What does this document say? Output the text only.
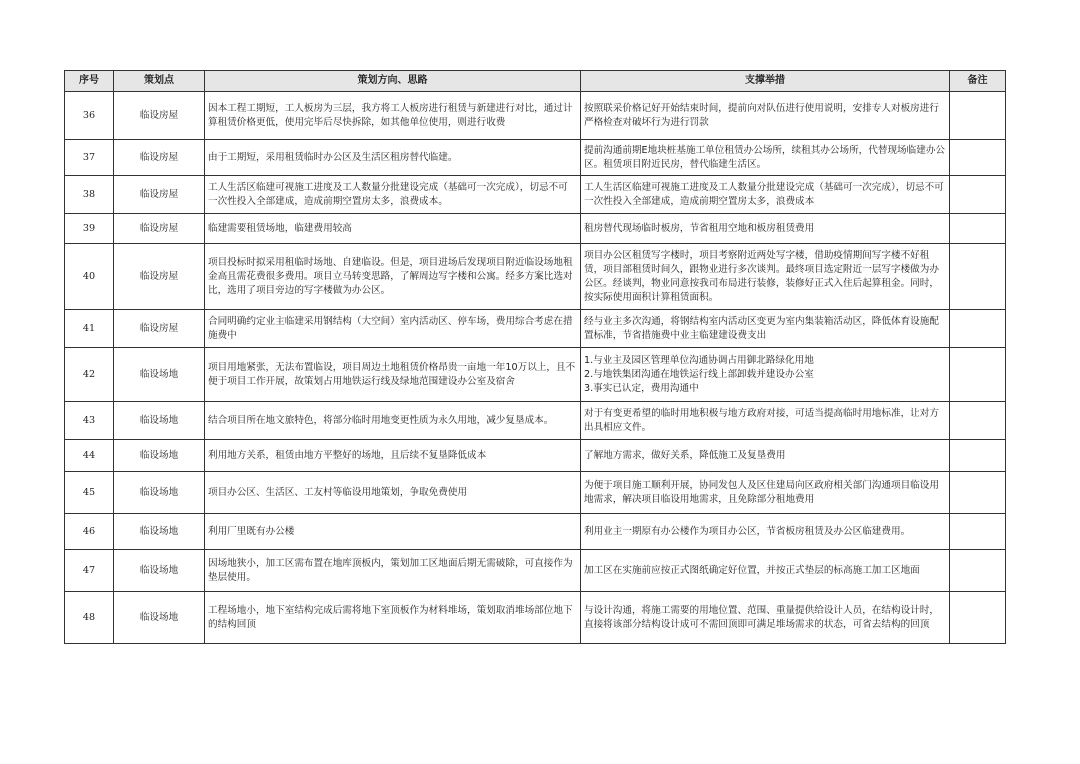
序号	策划点	策划方向、思路	支撑举措	备注
36	临设房屋	因本工程工期短，工人板房为三层，我方将工人板房进行租赁与新建进行对比，通过计算租赁价格更低，使用完毕后尽快拆除，如其他单位使用，则进行收费	按照联采价格记好开始结束时间，提前向对队伍进行使用说明，安排专人对板房进行严格检查对破坏行为进行罚款	
37	临设房屋	由于工期短，采用租赁临时办公区及生活区租房替代临建。	提前沟通前期E地块桩基施工单位租赁办公场所，续租其办公场所，代替现场临建办公区。租赁项目附近民房，替代临建生活区。	
38	临设房屋	工人生活区临建可视施工进度及工人数量分批建设完成（基础可一次完成），切忌不可一次性投入全部建成，造成前期空置房太多，浪费成本。	工人生活区临建可视施工进度及工人数量分批建设完成（基础可一次完成），切忌不可一次性投入全部建成，造成前期空置房太多，浪费成本	
39	临设房屋	临建需要租赁场地，临建费用较高	租房替代现场临时板房，节省租用空地和板房租赁费用	
40	临设房屋	项目投标时拟采用租临时场地、自建临设。但是，项目进场后发现项目附近临设场地租金高且需花费很多费用。项目立马转变思路，了解周边写字楼和公寓。经多方案比选对比，选用了项目旁边的写字楼做为办公区。	项目办公区租赁写字楼时，项目考察附近两处写字楼，借助疫情期间写字楼不好租赁，项目部租赁时间久，跟物业进行多次谈判。最终项目选定附近一层写字楼做为办公区。经谈判，物业同意按我司布局进行装修，装修好正式入住后起算租金。同时，按实际使用面积计算租赁面积。	
41	临设房屋	合同明确约定业主临建采用钢结构（大空间）室内活动区、停车场，费用综合考虑在措施费中	经与业主多次沟通，将钢结构室内活动区变更为室内集装箱活动区，降低体育设施配置标准，节省措施费中业主临建建设费支出	
42	临设场地	项目用地紧张，无法布置临设，项目周边土地租赁价格昂贵一亩地一年10万以上，且不便于项目工作开展，故策划占用地铁运行线及绿地范围建设办公室及宿舍	1.与业主及园区管理单位沟通协调占用御北路绿化用地
2.与地铁集团沟通在地铁运行线上部卸载并建设办公室
3.事实已认定，费用沟通中	
43	临设场地	结合项目所在地文旅特色，将部分临时用地变更性质为永久用地，减少复垦成本。	对于有变更希望的临时用地积极与地方政府对接，可适当提高临时用地标准，让对方出具相应文件。	
44	临设场地	利用地方关系，租赁由地方平整好的场地，且后续不复垦降低成本	了解地方需求，做好关系，降低施工及复垦费用	
45	临设场地	项目办公区、生活区、工友村等临设用地策划，争取免费使用	为便于项目施工顺利开展，协同发包人及区住建局向区政府相关部门沟通项目临设用地需求，解决项目临设用地需求，且免除部分租地费用	
46	临设场地	利用厂里既有办公楼	利用业主一期原有办公楼作为项目办公区，节省板房租赁及办公区临建费用。	
47	临设场地	因场地狭小，加工区需布置在地库顶板内，策划加工区地面后期无需破除，可直接作为垫层使用。	加工区在实施前应按正式图纸确定好位置，并按正式垫层的标高施工加工区地面	
48	临设场地	工程场地小，地下室结构完成后需将地下室顶板作为材料堆场，策划取消堆场部位地下的结构回顶	与设计沟通，将施工需要的用地位置、范围、重量提供给设计人员，在结构设计时，直接将该部分结构设计成可不需回顶即可满足堆场需求的状态，可省去结构的回顶	
